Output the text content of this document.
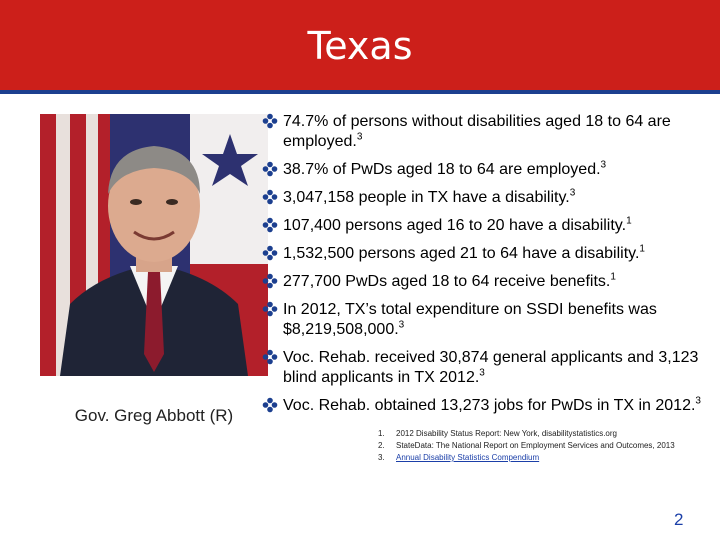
Texas
Gov. Greg Abbott (R)
74.7% of persons without disabilities aged 18 to 64 are employed.$^3$
38.7% of PwDs aged 18 to 64 are employed.$^3$
3,047,158 people in TX have a disability.$^3$
107,400 persons aged 16 to 20 have a disability.$^1$
1,532,500 persons aged 21 to 64 have a disability.$^1$
277,700 PwDs aged 18 to 64 receive benefits.$^1$
In 2012, TX’s total expenditure on SSDI benefits was $8,219,508,000.$^3$
Voc. Rehab. received 30,874 general applicants and 3,123 blind applicants in TX 2012.$^3$
Voc. Rehab. obtained 13,273 jobs for PwDs in TX in 2012.$^3$
1.	2012 Disability Status Report: New York, disabilitystatistics.org
2.	StateData: The National Report on Employment Services and Outcomes, 2013
3.	Annual Disability Statistics Compendium
2
